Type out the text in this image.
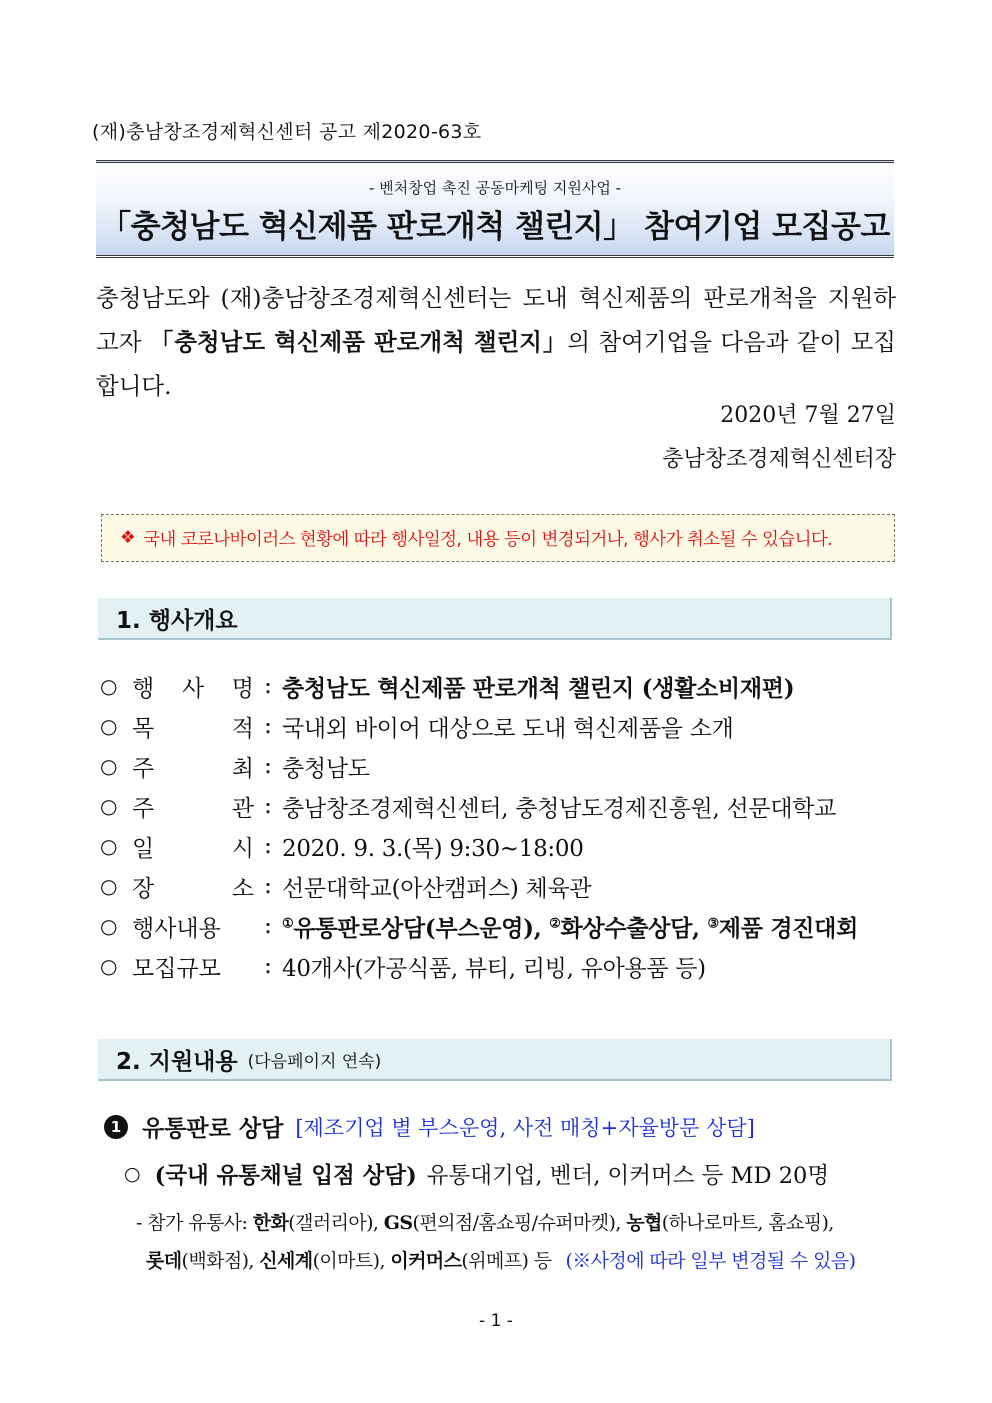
(재)충남창조경제혁신센터 공고 제2020-63호
- 벤처창업 촉진 공동마케팅 지원사업 -
「충청남도 혁신제품 판로개척 챌린지」 참여기업 모집공고
충청남도와 (재)충남창조경제혁신센터는 도내 혁신제품의 판로개척을 지원하고자 「충청남도 혁신제품 판로개척 챌린지」의 참여기업을 다음과 같이 모집합니다.
2020년 7월 27일
충남창조경제혁신센터장
❖ 국내 코로나바이러스 현황에 따라 행사일정, 내용 등이 변경되거나, 행사가 취소될 수 있습니다.
1. 행사개요
○ 행 사 명 : 충청남도 혁신제품 판로개척 챌린지 (생활소비재편)
○ 목	적 : 국내외 바이어 대상으로 도내 혁신제품을 소개
○ 주	최 : 충청남도
○ 주	관 : 충남창조경제혁신센터, 충청남도경제진흥원, 선문대학교
○ 일	시 : 2020. 9. 3.(목) 9:30~18:00
○ 장	소 : 선문대학교(아산캠퍼스) 체육관
○ 행사내용	: ①유통판로상담(부스운영), ②화상수출상담, ③제품 경진대회
○ 모집규모	: 40개사(가공식품, 뷰티, 리빙, 유아용품 등)
2. 지원내용 (다음페이지 연속)
1 유통판로 상담 [제조기업 별 부스운영, 사전 매칭+자율방문 상담]
○ (국내 유통채널 입점 상담) 유통대기업, 벤더, 이커머스 등 MD 20명
- 참가 유통사: 한화(갤러리아), GS(편의점/홈쇼핑/슈퍼마켓), 농협(하나로마트, 홈쇼핑),
롯데(백화점), 신세계(이마트), 이커머스(위메프) 등 (※사정에 따라 일부 변경될 수 있음)
- 1 -
